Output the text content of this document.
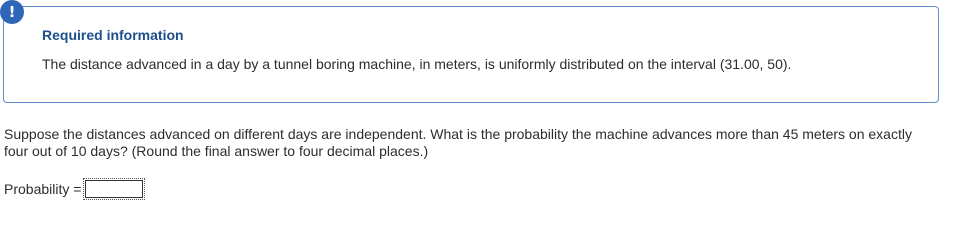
!
Required information
The distance advanced in a day by a tunnel boring machine, in meters, is uniformly distributed on the interval (31.00, 50).
Suppose the distances advanced on different days are independent. What is the probability the machine advances more than 45 meters on exactly four out of 10 days? (Round the final answer to four decimal places.)
Probability =
